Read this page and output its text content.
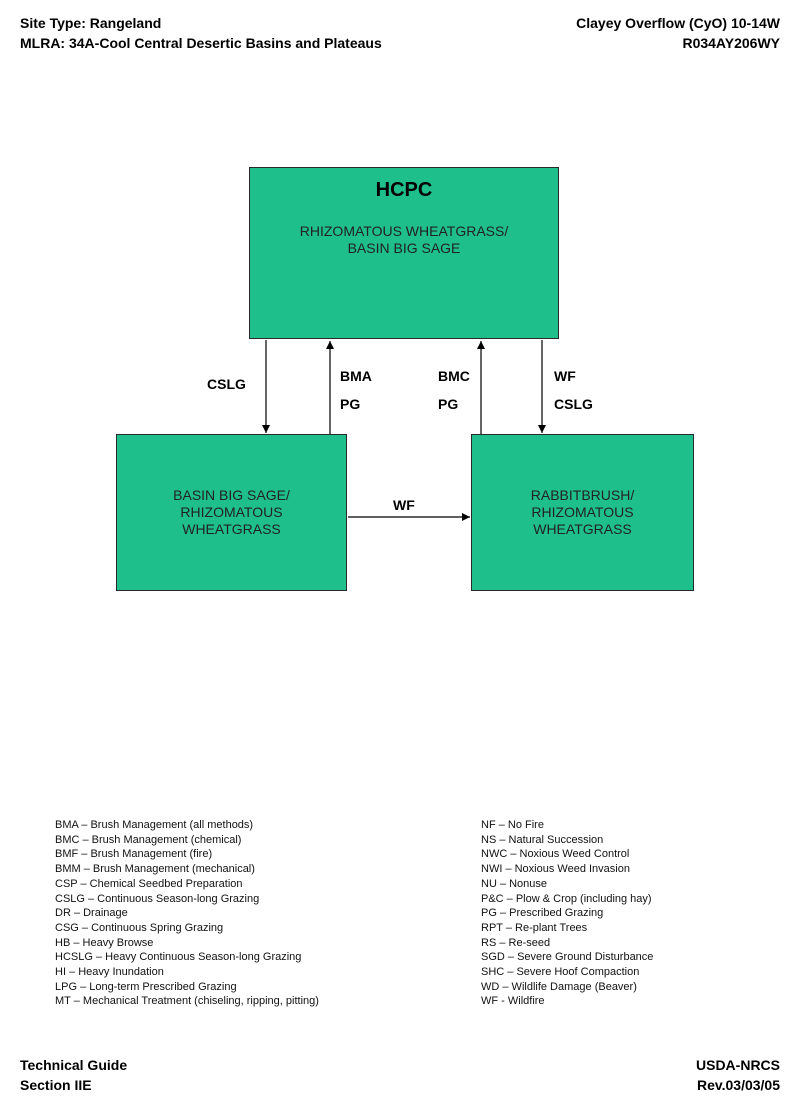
Site Type: Rangeland
MLRA: 34A-Cool Central Desertic Basins and Plateaus
Clayey Overflow (CyO) 10-14W
R034AY206WY
HCPC
RHIZOMATOUS WHEATGRASS/
BASIN BIG SAGE
BASIN BIG SAGE/
RHIZOMATOUS
WHEATGRASS
RABBITBRUSH/
RHIZOMATOUS
WHEATGRASS
CSLG	BMA
PG
BMC
PG
WF
CSLG
WF
BMA – Brush Management (all methods)
BMC – Brush Management (chemical)
BMF – Brush Management (fire)
BMM – Brush Management (mechanical)
CSP – Chemical Seedbed Preparation
CSLG – Continuous Season-long Grazing
DR – Drainage
CSG – Continuous Spring Grazing
HB – Heavy Browse
HCSLG – Heavy Continuous Season-long Grazing
HI – Heavy Inundation
LPG – Long-term Prescribed Grazing
MT – Mechanical Treatment (chiseling, ripping, pitting)
NF – No Fire
NS – Natural Succession
NWC – Noxious Weed Control
NWI – Noxious Weed Invasion
NU – Nonuse
P&C – Plow & Crop (including hay)
PG – Prescribed Grazing
RPT – Re-plant Trees
RS – Re-seed
SGD – Severe Ground Disturbance
SHC – Severe Hoof Compaction
WD – Wildlife Damage (Beaver)
WF - Wildfire
Technical Guide
Section IIE
USDA-NRCS
Rev.03/03/05
